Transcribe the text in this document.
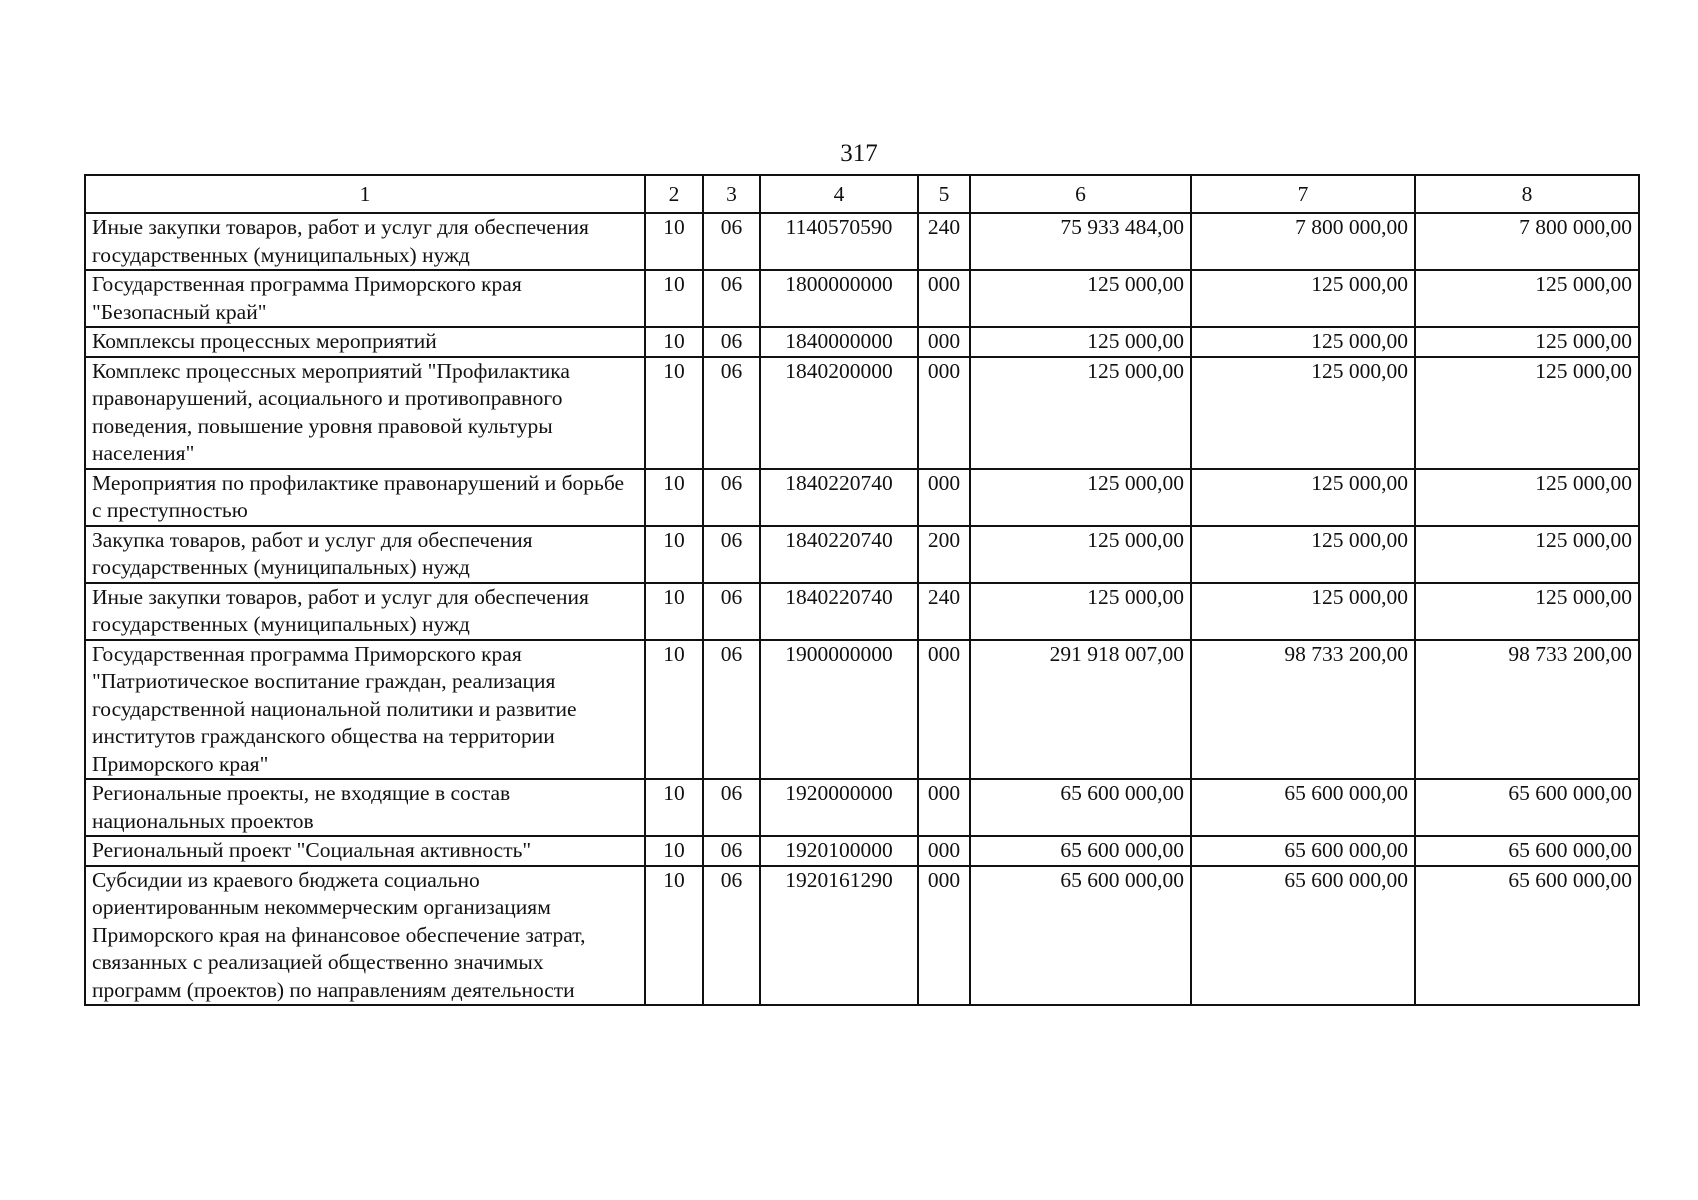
317
1	2	3	4	5	6	7	8
Иные закупки товаров, работ и услуг для обеспечения государственных (муниципальных) нужд	10	06	1140570590	240	75 933 484,00	7 800 000,00	7 800 000,00
Государственная программа Приморского края "Безопасный край"	10	06	1800000000	000	125 000,00	125 000,00	125 000,00
Комплексы процессных мероприятий	10	06	1840000000	000	125 000,00	125 000,00	125 000,00
Комплекс процессных мероприятий "Профилактика правонарушений, асоциального и противоправного поведения, повышение уровня правовой культуры населения"	10	06	1840200000	000	125 000,00	125 000,00	125 000,00
Мероприятия по профилактике правонарушений и борьбе с преступностью	10	06	1840220740	000	125 000,00	125 000,00	125 000,00
Закупка товаров, работ и услуг для обеспечения государственных (муниципальных) нужд	10	06	1840220740	200	125 000,00	125 000,00	125 000,00
Иные закупки товаров, работ и услуг для обеспечения государственных (муниципальных) нужд	10	06	1840220740	240	125 000,00	125 000,00	125 000,00
Государственная программа Приморского края "Патриотическое воспитание граждан, реализация государственной национальной политики и развитие институтов гражданского общества на территории Приморского края"	10	06	1900000000	000	291 918 007,00	98 733 200,00	98 733 200,00
Региональные проекты, не входящие в состав национальных проектов	10	06	1920000000	000	65 600 000,00	65 600 000,00	65 600 000,00
Региональный проект "Социальная активность"	10	06	1920100000	000	65 600 000,00	65 600 000,00	65 600 000,00
Субсидии из краевого бюджета социально ориентированным некоммерческим организациям Приморского края на финансовое обеспечение затрат, связанных с реализацией общественно значимых программ (проектов) по направлениям деятельности	10	06	1920161290	000	65 600 000,00	65 600 000,00	65 600 000,00
